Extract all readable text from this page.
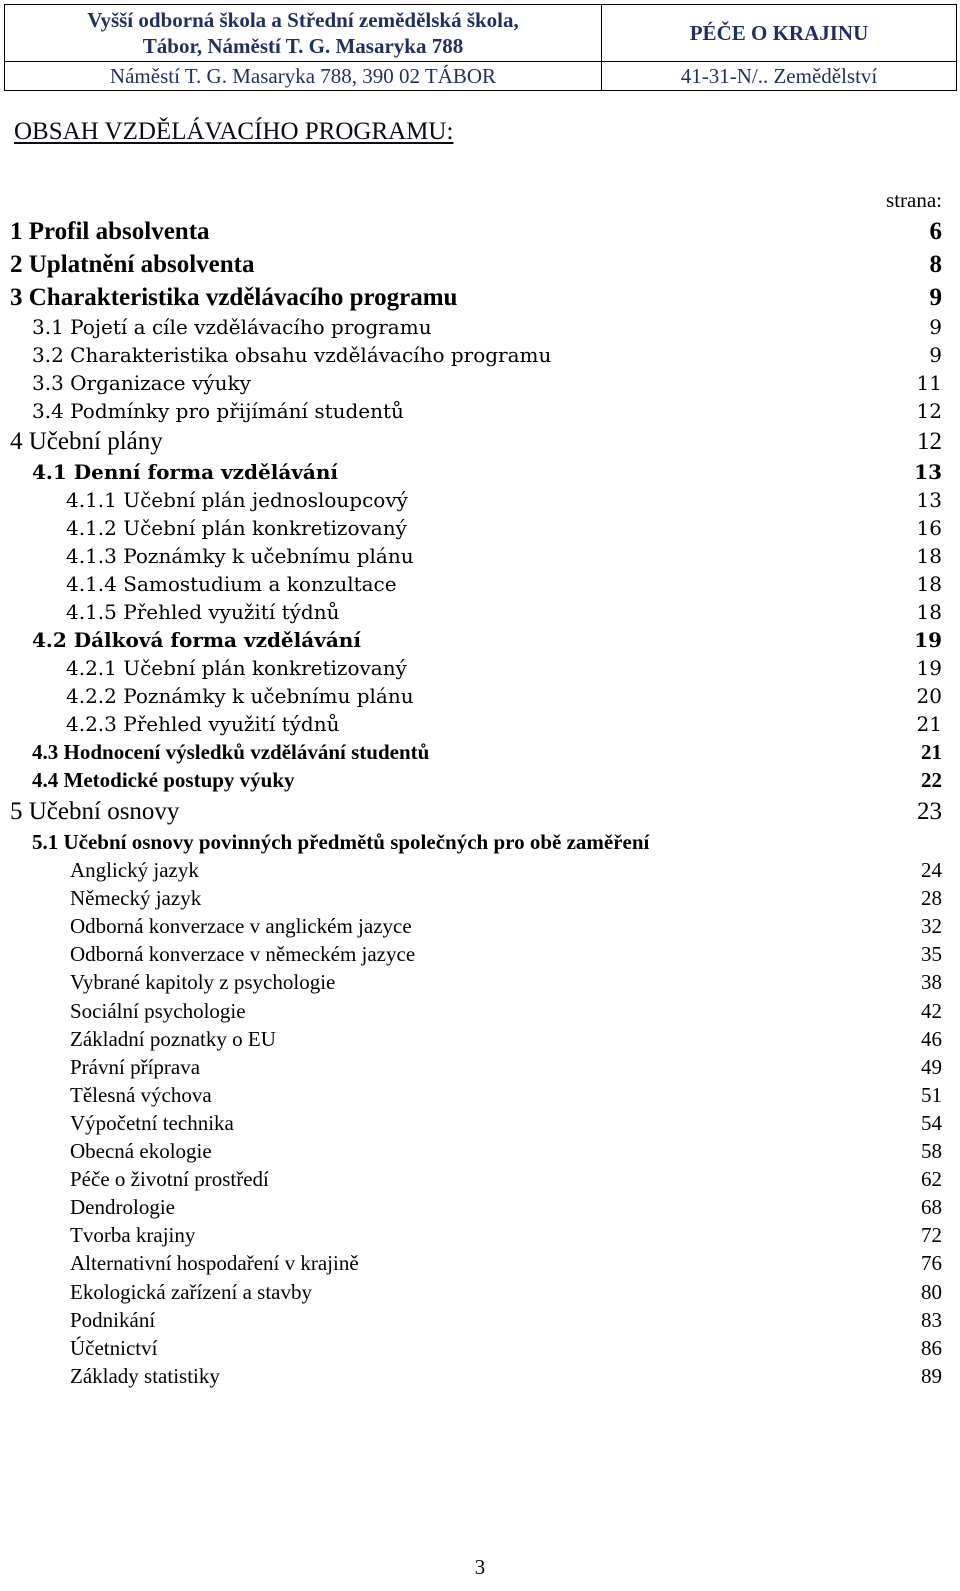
Vyšší odborná škola a Střední zemědělská škola,
Tábor, Náměstí T. G. Masaryka 788	PÉČE O KRAJINU
Náměstí T. G. Masaryka 788, 390 02 TÁBOR	41-31-N/.. Zemědělství
OBSAH VZDĚLÁVACÍHO PROGRAMU:
strana:
1 Profil absolventa	6
2 Uplatnění absolventa	8
3 Charakteristika vzdělávacího programu	9
3.1 Pojetí a cíle vzdělávacího programu	9
3.2 Charakteristika obsahu vzdělávacího programu	9
3.3 Organizace výuky	11
3.4 Podmínky pro přijímání studentů	12
4 Učební plány	12
4.1 Denní forma vzdělávání	13
4.1.1 Učební plán jednosloupcový	13
4.1.2 Učební plán konkretizovaný	16
4.1.3 Poznámky k učebnímu plánu	18
4.1.4 Samostudium a konzultace	18
4.1.5 Přehled využití týdnů	18
4.2 Dálková forma vzdělávání	19
4.2.1 Učební plán konkretizovaný	19
4.2.2 Poznámky k učebnímu plánu	20
4.2.3 Přehled využití týdnů	21
4.3 Hodnocení výsledků vzdělávání studentů	21
4.4 Metodické postupy výuky	22
5 Učební osnovy	23
5.1 Učební osnovy povinných předmětů společných pro obě zaměření
Anglický jazyk	24
Německý jazyk	28
Odborná konverzace v anglickém jazyce	32
Odborná konverzace v německém jazyce	35
Vybrané kapitoly z psychologie	38
Sociální psychologie	42
Základní poznatky o EU	46
Právní příprava	49
Tělesná výchova	51
Výpočetní technika	54
Obecná ekologie	58
Péče o životní prostředí	62
Dendrologie	68
Tvorba krajiny	72
Alternativní hospodaření v krajině	76
Ekologická zařízení a stavby	80
Podnikání	83
Účetnictví	86
Základy statistiky	89
3
